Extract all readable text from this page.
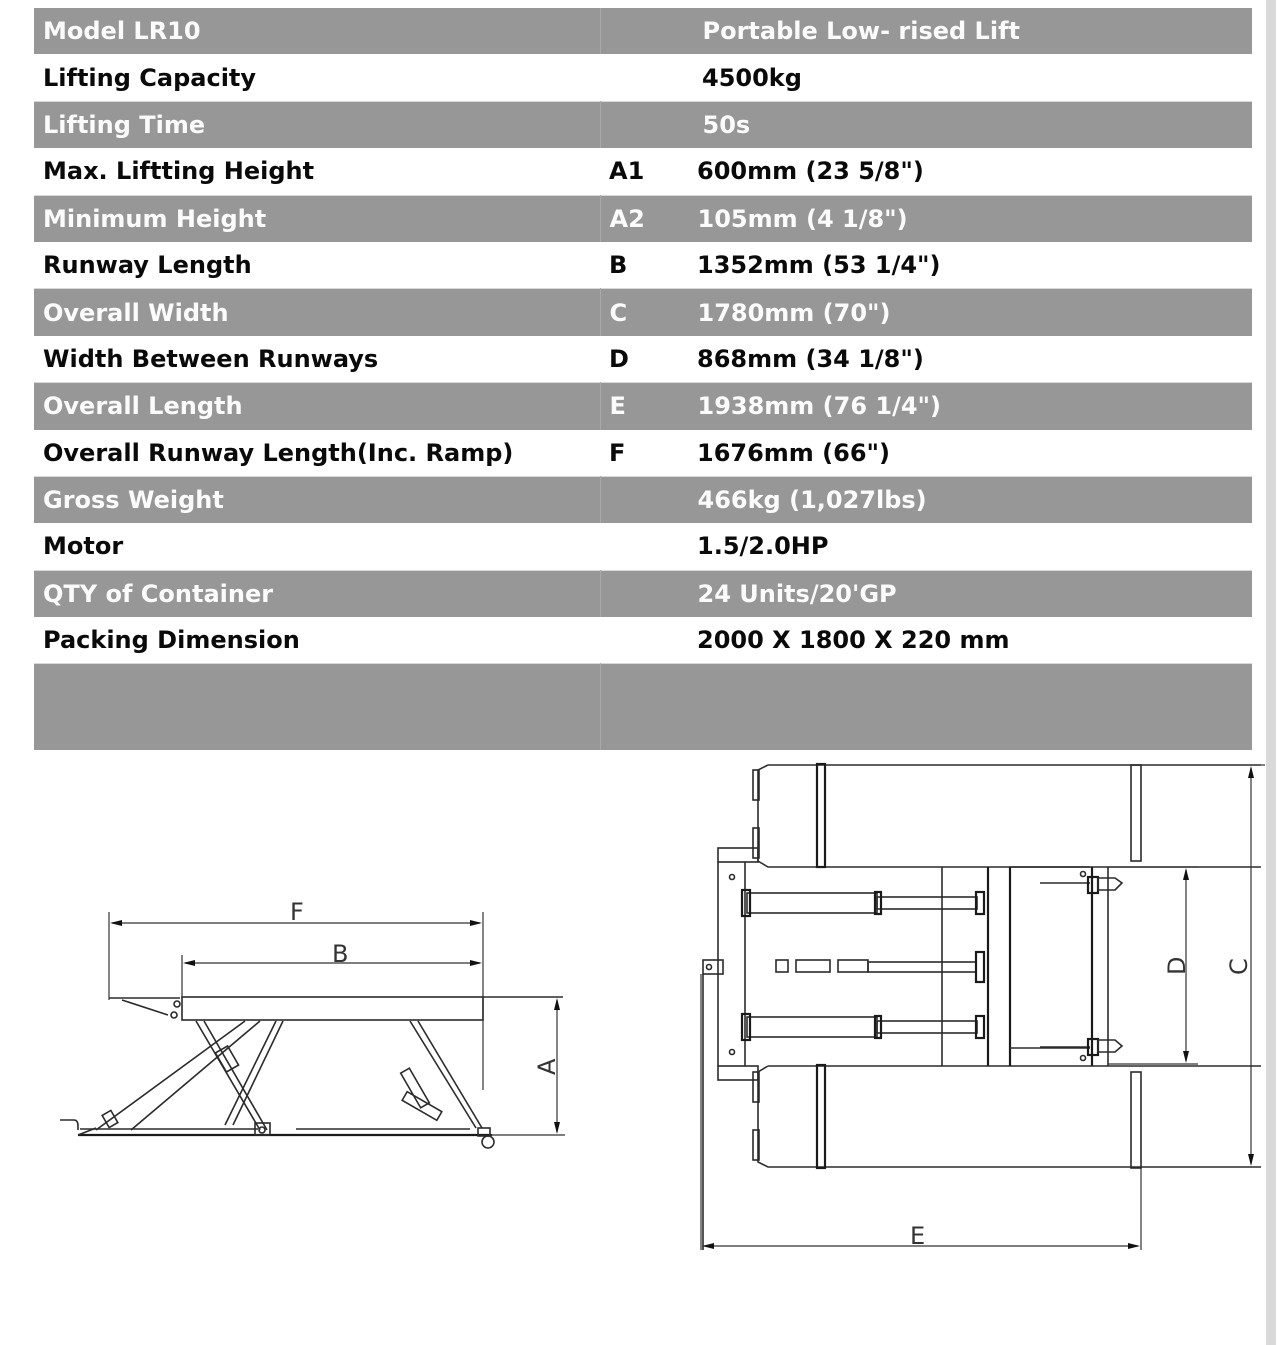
Model LR10	Portable Low- rised Lift
Lifting Capacity	4500kg
Lifting Time	50s
Max. Liftting Height	A1 600mm (23 5/8")
Minimum Height	A2 105mm (4 1/8")
Runway Length	B 1352mm (53 1/4")
Overall Width	C 1780mm (70")
Width Between Runways	D 868mm (34 1/8")
Overall Length	E 1938mm (76 1/4")
Overall Runway Length(Inc. Ramp)	F 1676mm (66")
Gross Weight	466kg (1,027lbs)
Motor	1.5/2.0HP
QTY of Container	24 Units/20'GP
Packing Dimension	2000 X 1800 X 220 mm

F
B
A
D C
E
